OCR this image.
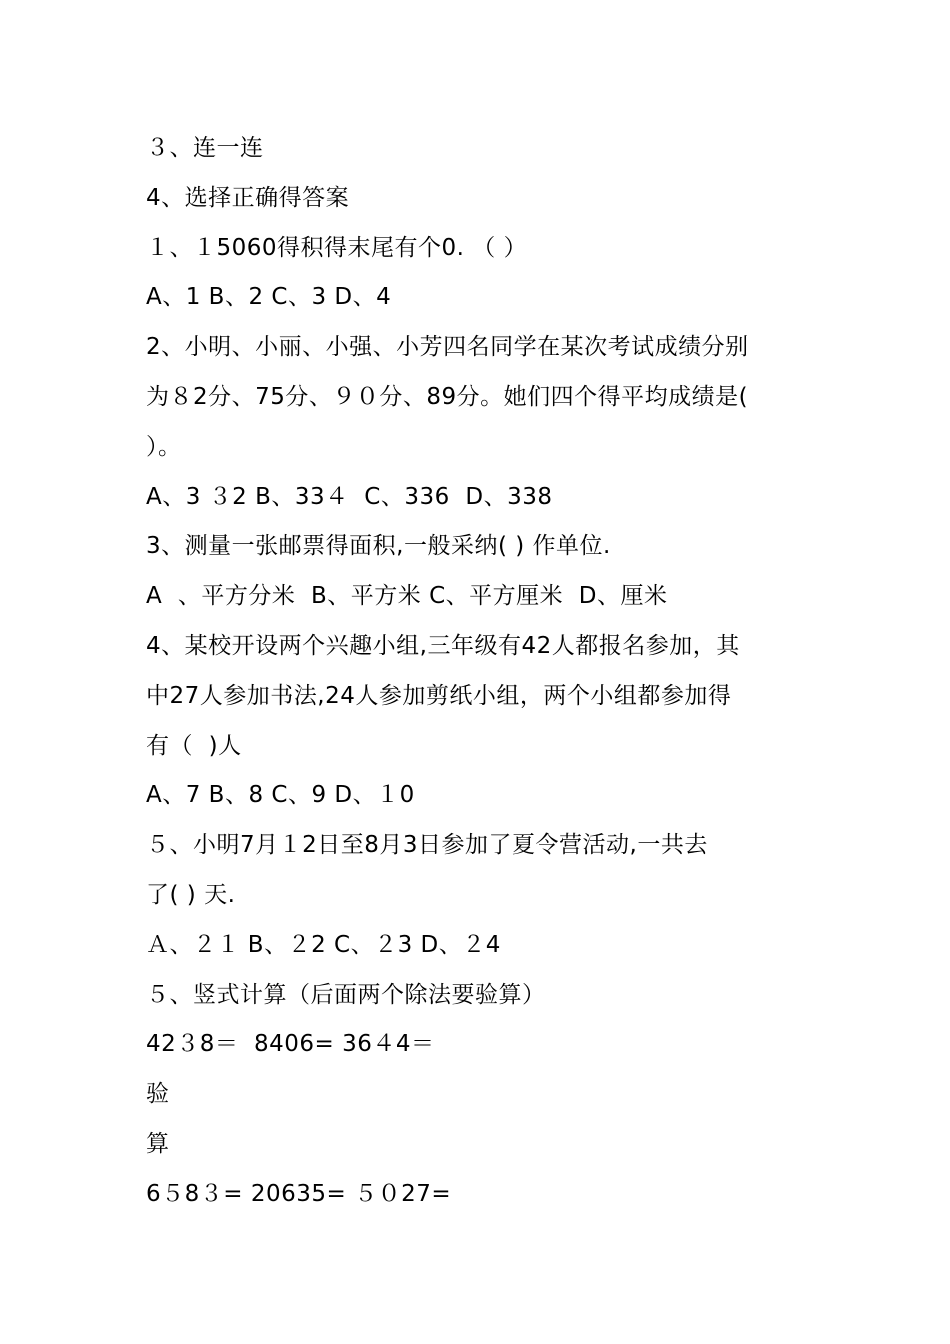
３、连一连
4、选择正确得答案
１、１5060得积得末尾有个0. （ ）
A、1 B、2 C、3 D、4
2、小明、小丽、小强、小芳四名同学在某次考试成绩分别
为８2分、75分、９０分、89分。她们四个得平均成绩是(
）。
A、3 ３2 B、33４  C、336  D、338
3、测量一张邮票得面积,一般采纳( ) 作单位.
A  、平方分米  B、平方米 C、平方厘米  D、厘米
4、某校开设两个兴趣小组,三年级有42人都报名参加，其
中27人参加书法,24人参加剪纸小组，两个小组都参加得
有（  )人
A、7 B、8 C、9 D、１0
５、小明7月１2日至8月3日参加了夏令营活动,一共去
了( ) 天.
Ａ、２１ B、２2 C、２3 D、２4
５、竖式计算（后面两个除法要验算）
42３8＝  8406= 36４4＝
验
算
6５8３= 20635= ５０27=
